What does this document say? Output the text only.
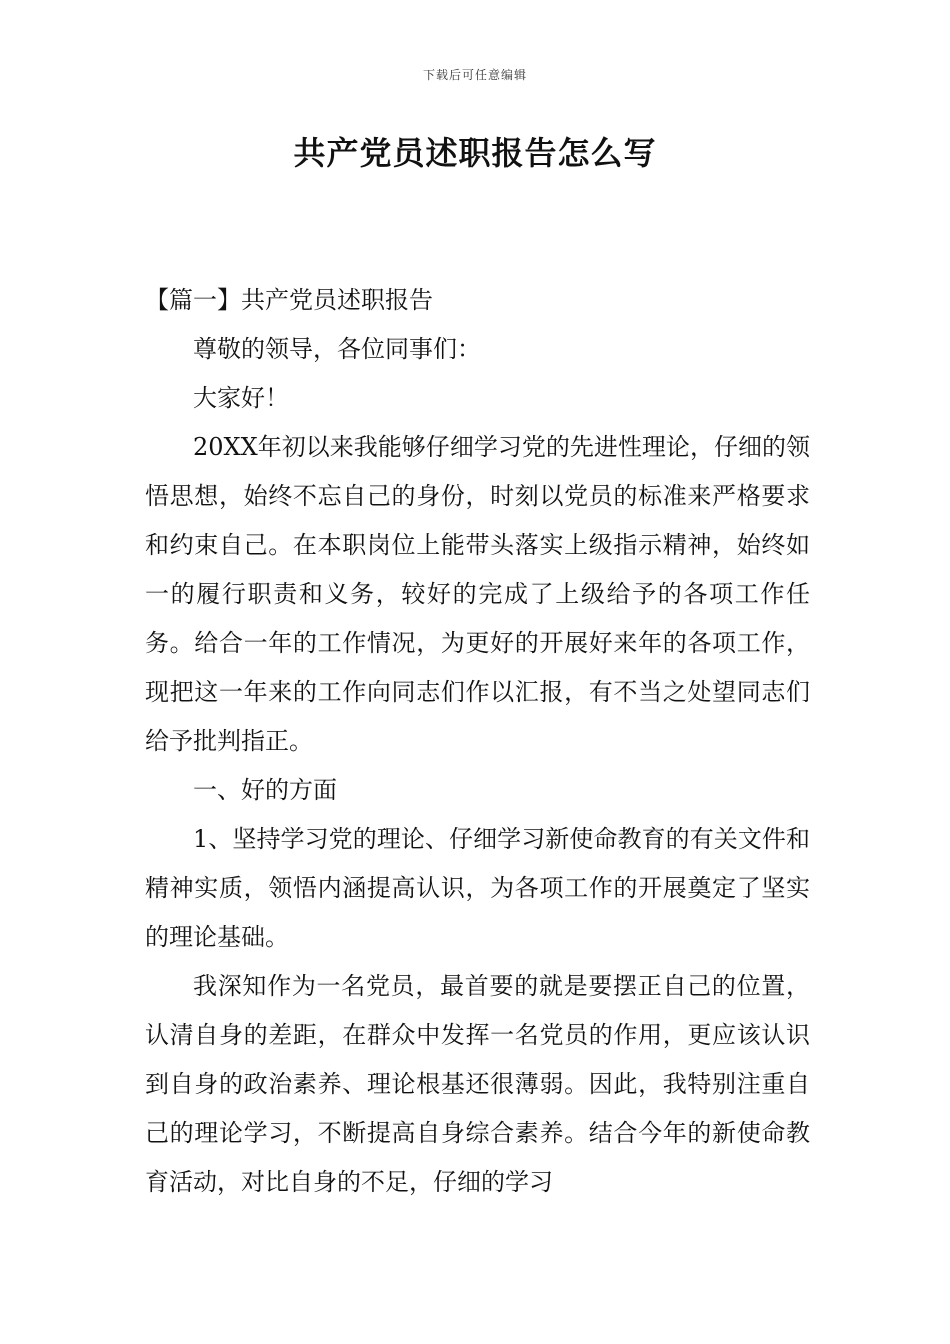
下载后可任意编辑
共产党员述职报告怎么写

【篇一】共产党员述职报告

尊敬的领导，各位同事们：

大家好！

20XX年初以来我能够仔细学习党的先进性理论，仔细的领悟思想，始终不忘自己的身份，时刻以党员的标准来严格要求和约束自己。在本职岗位上能带头落实上级指示精神，始终如一的履行职责和义务，较好的完成了上级给予的各项工作任务。给合一年的工作情况，为更好的开展好来年的各项工作，现把这一年来的工作向同志们作以汇报，有不当之处望同志们给予批判指正。

一、好的方面

1、坚持学习党的理论、仔细学习新使命教育的有关文件和精神实质，领悟内涵提高认识，为各项工作的开展奠定了坚实的理论基础。

我深知作为一名党员，最首要的就是要摆正自己的位置，认清自身的差距，在群众中发挥一名党员的作用，更应该认识到自身的政治素养、理论根基还很薄弱。因此，我特别注重自己的理论学习，不断提高自身综合素养。结合今年的新使命教育活动，对比自身的不足，仔细的学习
